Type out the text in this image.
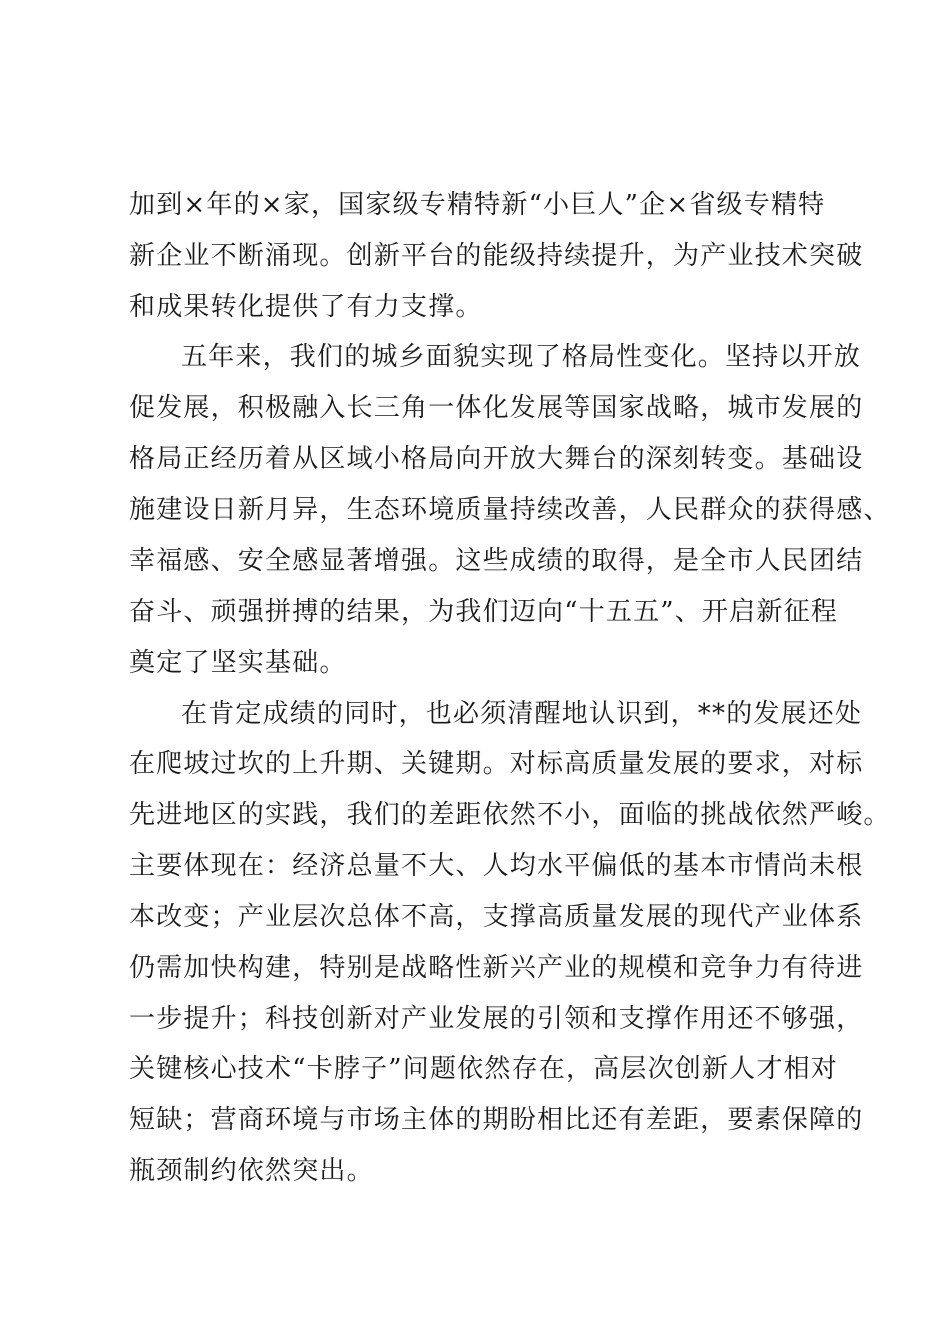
加到×年的×家，国家级专精特新“小巨人”企×省级专精特
新企业不断涌现。创新平台的能级持续提升，为产业技术突破
和成果转化提供了有力支撑。
五年来，我们的城乡面貌实现了格局性变化。坚持以开放
促发展，积极融入长三角一体化发展等国家战略，城市发展的
格局正经历着从区域小格局向开放大舞台的深刻转变。基础设
施建设日新月异，生态环境质量持续改善，人民群众的获得感、
幸福感、安全感显著增强。这些成绩的取得，是全市人民团结
奋斗、顽强拼搏的结果，为我们迈向“十五五”、开启新征程
奠定了坚实基础。
在肯定成绩的同时，也必须清醒地认识到，**的发展还处
在爬坡过坎的上升期、关键期。对标高质量发展的要求，对标
先进地区的实践，我们的差距依然不小，面临的挑战依然严峻。
主要体现在：经济总量不大、人均水平偏低的基本市情尚未根
本改变；产业层次总体不高，支撑高质量发展的现代产业体系
仍需加快构建，特别是战略性新兴产业的规模和竞争力有待进
一步提升；科技创新对产业发展的引领和支撑作用还不够强，
关键核心技术“卡脖子”问题依然存在，高层次创新人才相对
短缺；营商环境与市场主体的期盼相比还有差距，要素保障的
瓶颈制约依然突出。
